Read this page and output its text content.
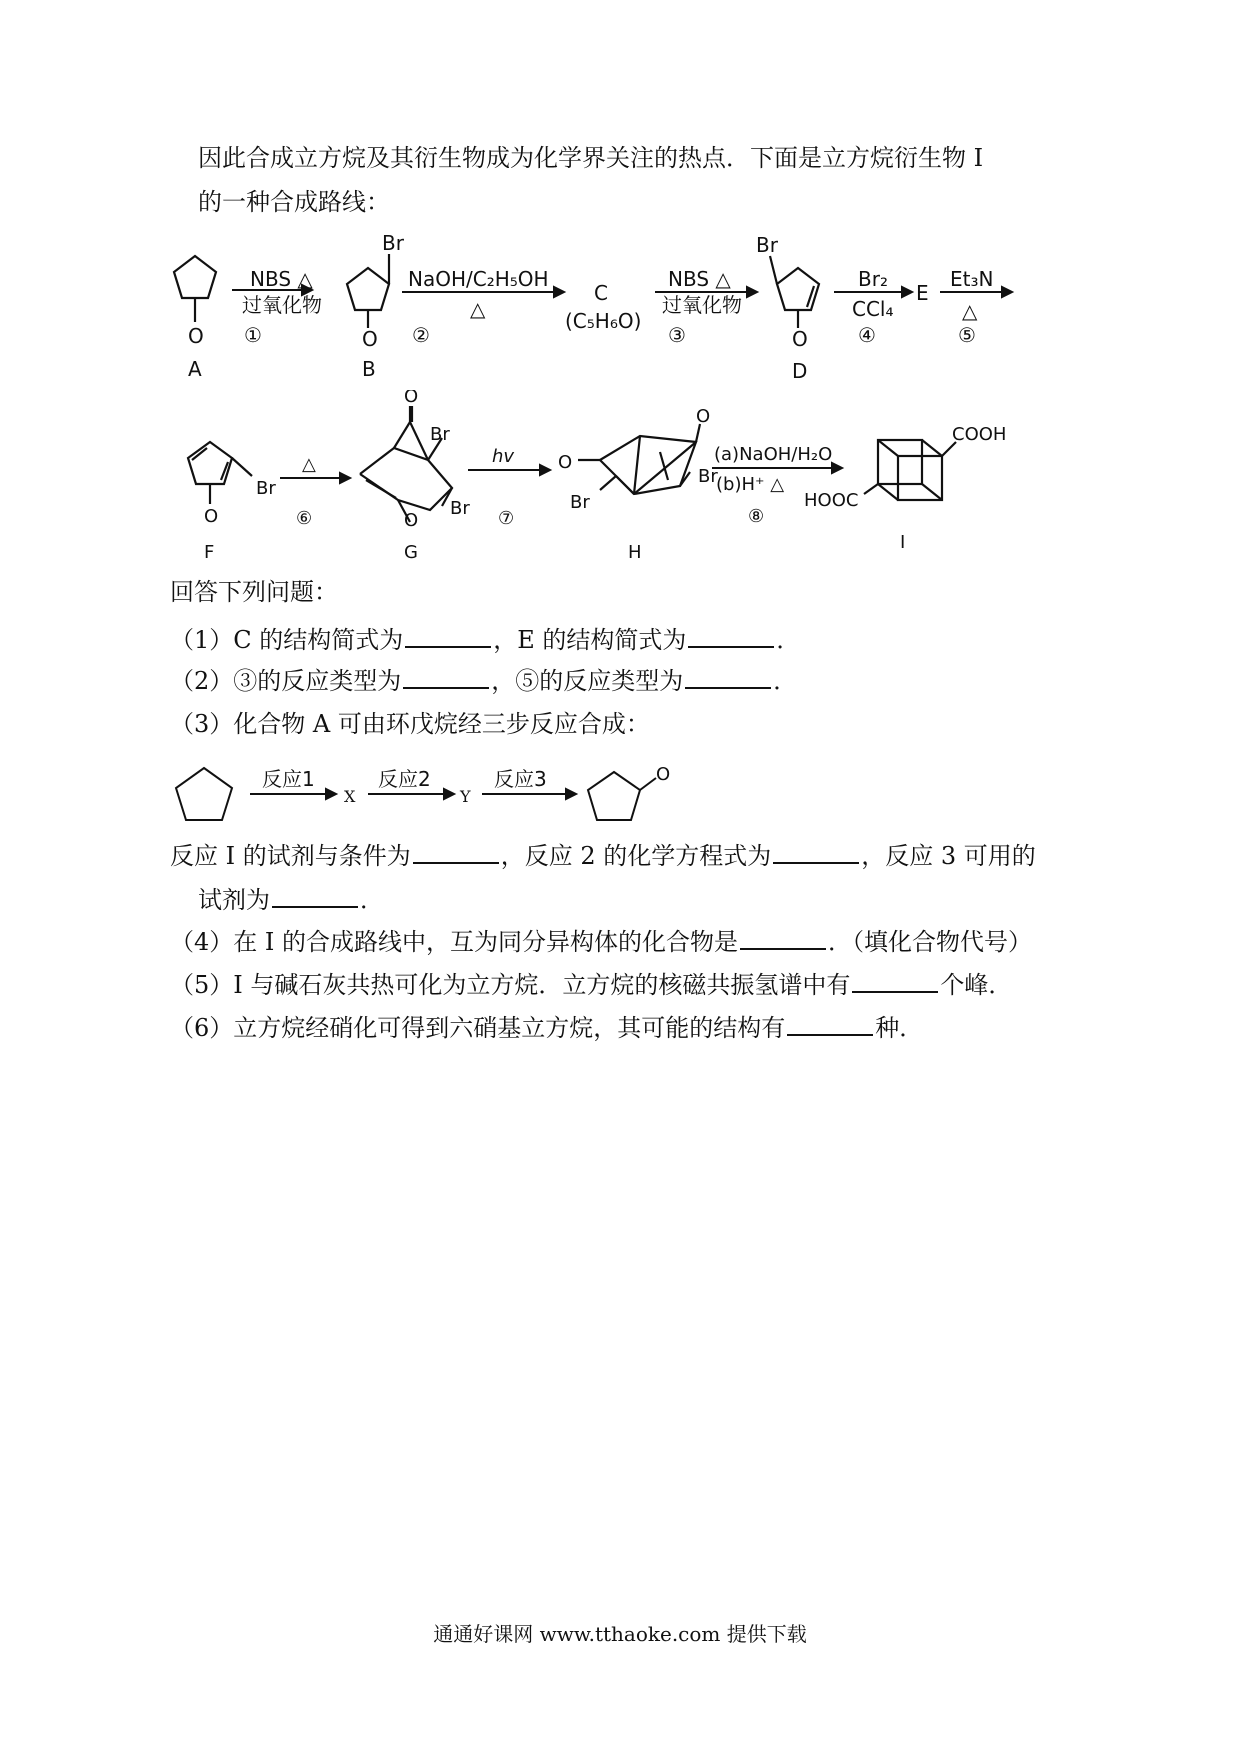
因此合成立方烷及其衍生物成为化学界关注的热点．下面是立方烷衍生物 I
的一种合成路线：
O
A
O
Br
B
C
(C₅H₆O)
Br
O
D
E
NBS △
过氧化物
①
NaOH/C₂H₅OH
△
②
NBS △
过氧化物
③
Br₂
CCl₄
④
Et₃N
△
⑤
Br
O
F
O
Br
O
Br
G
O
O
Br
Br
H
COOH
HOOC
I
△
⑥
hv
⑦
(a)NaOH/H₂O
(b)H⁺ △
⑧
回答下列问题：
（1）C 的结构简式为	，E 的结构简式为	．
（2）③的反应类型为	，⑤的反应类型为	．
（3）化合物 A 可由环戊烷经三步反应合成：
反应1
X
反应2
Y
反应3	O
反应 I 的试剂与条件为	，反应 2 的化学方程式为	，反应 3 可用的
试剂为	．
（4）在 I 的合成路线中，互为同分异构体的化合物是	．（填化合物代号）
（5）I 与碱石灰共热可化为立方烷．立方烷的核磁共振氢谱中有	个峰．
（6）立方烷经硝化可得到六硝基立方烷，其可能的结构有	种．
通通好课网 www.tthaoke.com 提供下载
